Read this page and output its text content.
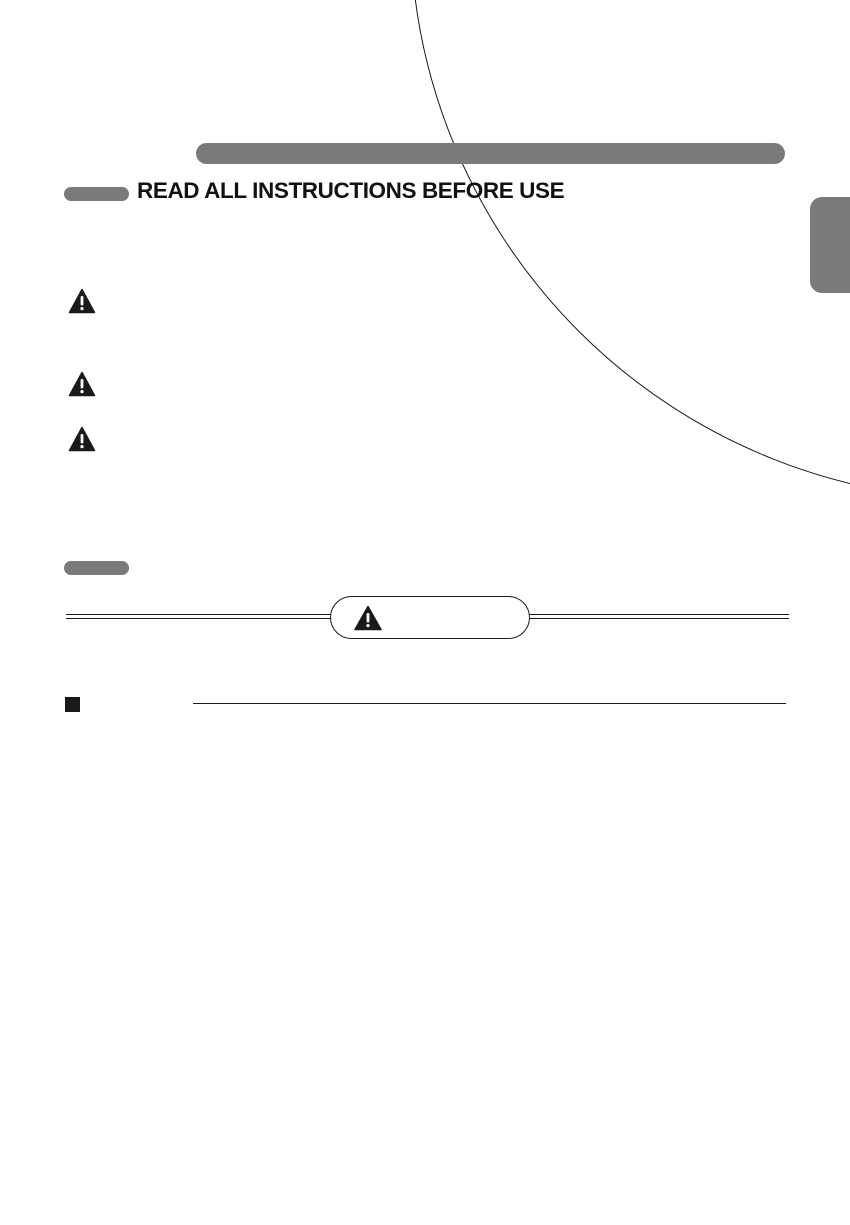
READ ALL INSTRUCTIONS BEFORE USE
